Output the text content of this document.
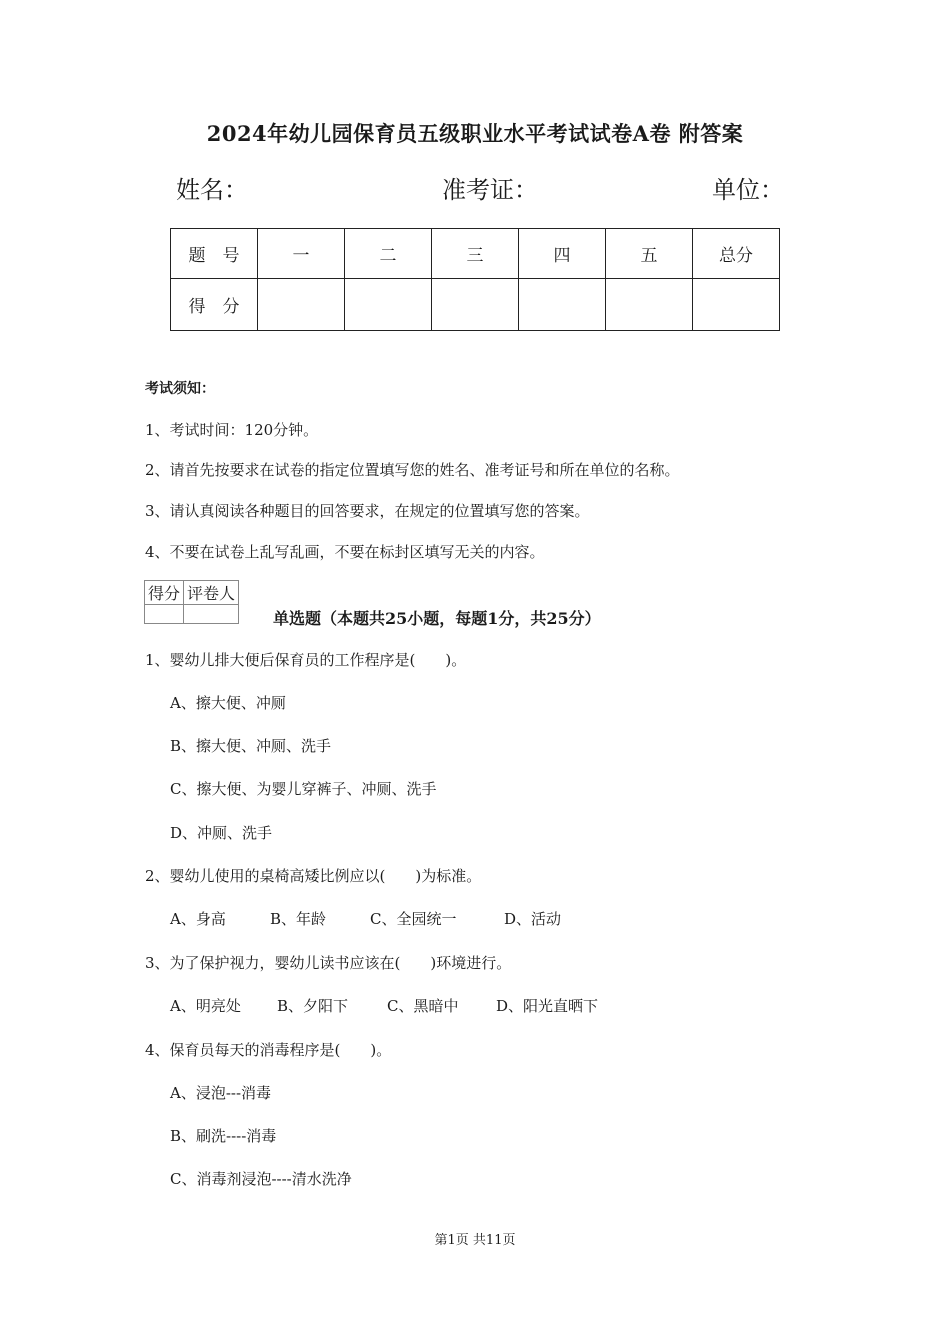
2024年幼儿园保育员五级职业水平考试试卷A卷 附答案
姓名：	准考证：	单位：
题　号	一	二	三	四	五	总分
得　分						
考试须知：
1、考试时间：120分钟。
2、请首先按要求在试卷的指定位置填写您的姓名、准考证号和所在单位的名称。
3、请认真阅读各种题目的回答要求，在规定的位置填写您的答案。
4、不要在试卷上乱写乱画，不要在标封区填写无关的内容。
得分	评卷人

单选题（本题共25小题，每题1分，共25分）
1、婴幼儿排大便后保育员的工作程序是(　　)。
A、擦大便、冲厕
B、擦大便、冲厕、洗手
C、擦大便、为婴儿穿裤子、冲厕、洗手
D、冲厕、洗手
2、婴幼儿使用的桌椅高矮比例应以(　　)为标准。
A、身高	B、年龄	C、全园统一	D、活动
3、为了保护视力，婴幼儿读书应该在(　　)环境进行。
A、明亮处 B、夕阳下	C、黑暗中	D、阳光直晒下
4、保育员每天的消毒程序是(　　)。
A、浸泡---消毒
B、刷洗----消毒
C、消毒剂浸泡----清水洗净
第1页 共11页
